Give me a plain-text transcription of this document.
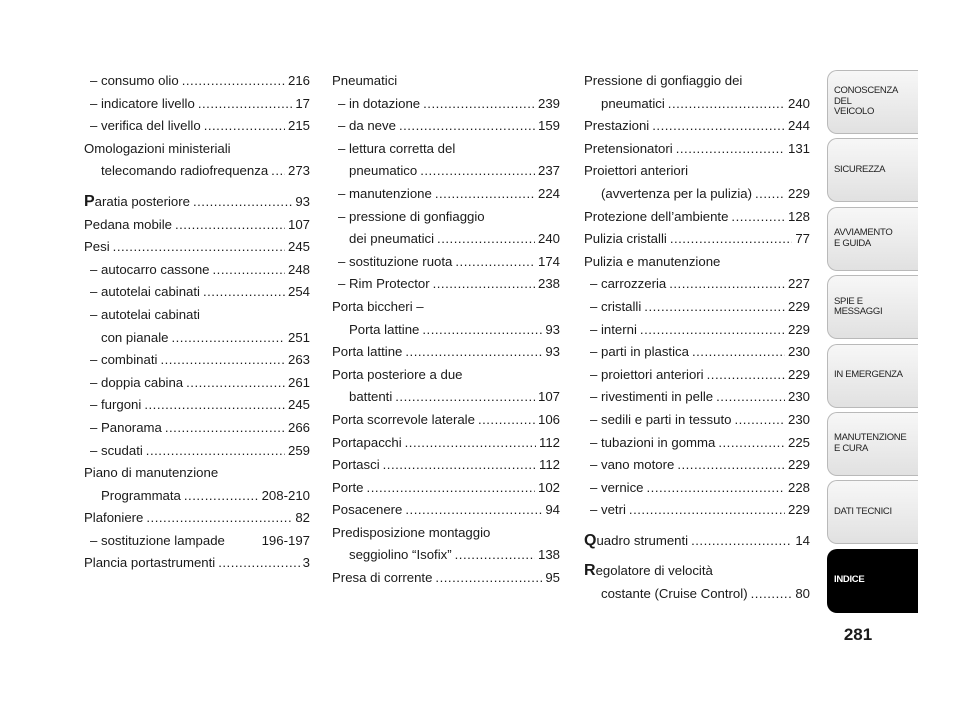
– consumo olio .....	216
– indicatore livello .....	17
– verifica del livello .....	215
Omologazioni ministeriali
telecomando radiofrequenza ..... 273
Paratia posteriore .....	93
Pedana mobile .....	107
Pesi .....	245
– autocarro cassone .....	248
– autotelai cabinati .....	254
– autotelai cabinati
con pianale .....	251
– combinati .....	263
– doppia cabina .....	261
– furgoni .....	245
– Panorama .....	266
– scudati .....	259
Piano di manutenzione
Programmata .....	208-210
Plafoniere .....	82
– sostituzione lampade	196-197
Plancia portastrumenti .....	3
Pneumatici
– in dotazione .....	239
– da neve .....	159
– lettura corretta del
pneumatico .....	237
– manutenzione .....	224
– pressione di gonfiaggio
dei pneumatici .....	240
– sostituzione ruota .....	174
– Rim Protector .....	238
Porta biccheri –
Porta lattine .....	93
Porta lattine .....	93
Porta posteriore a due
battenti .....	107
Porta scorrevole laterale .....	106
Portapacchi .....	112
Portasci .....	112
Porte .....	102
Posacenere .....	94
Predisposizione montaggio
seggiolino “Isofix” .....	138
Presa di corrente .....	95
Pressione di gonfiaggio dei
pneumatici .....	240
Prestazioni .....	244
Pretensionatori .....	131
Proiettori anteriori
(avvertenza per la pulizia) .....	229
Protezione dell’ambiente .....	128
Pulizia cristalli .....	77
Pulizia e manutenzione
– carrozzeria .....	227
– cristalli .....	229
– interni .....	229
– parti in plastica .....	230
– proiettori anteriori .....	229
– rivestimenti in pelle .....	230
– sedili e parti in tessuto .....	230
– tubazioni in gomma .....	225
– vano motore .....	229
– vernice .....	228
– vetri .....	229
Quadro strumenti .....	14
Regolatore di velocità
costante (Cruise Control) .....	80
CONOSCENZA
DEL
VEICOLO
SICUREZZA
AVVIAMENTO
E GUIDA
SPIE E
MESSAGGI
IN EMERGENZA
MANUTENZIONE
E CURA
DATI TECNICI
INDICE
281
